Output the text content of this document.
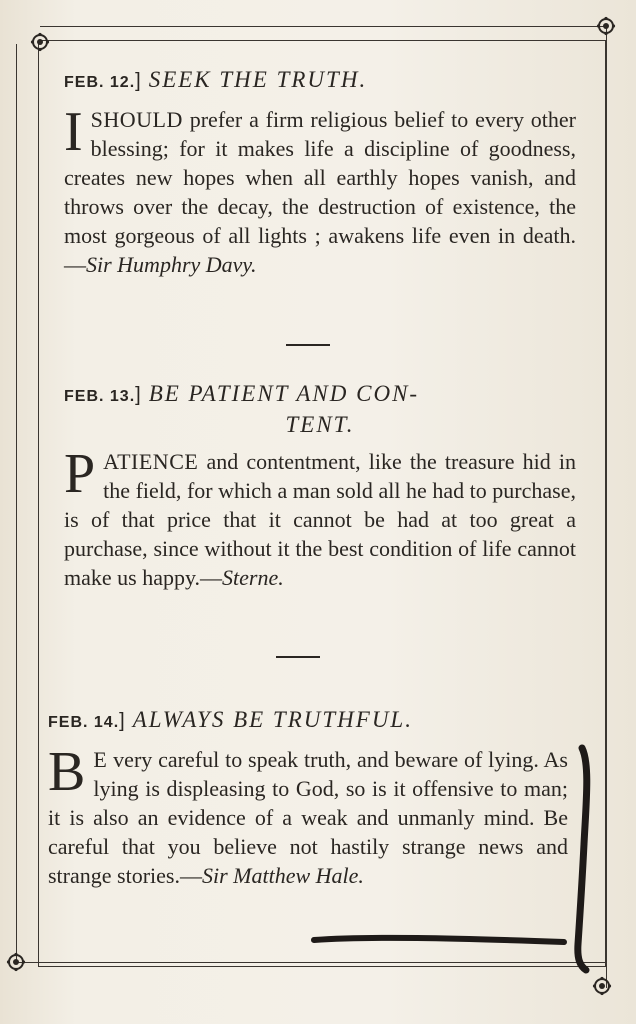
FEB. 12.] SEEK THE TRUTH.
ISHOULD prefer a firm religious belief to every other blessing; for it makes life a discipline of goodness, creates new hopes when all earthly hopes vanish, and throws over the decay, the destruction of existence, the most gorgeous of all lights ; awakens life even in death.—Sir Humphry Davy.
FEB. 13.] BE PATIENT AND CON-
TENT.
PATIENCE and contentment, like the treasure hid in the field, for which a man sold all he had to purchase, is of that price that it cannot be had at too great a purchase, since without it the best condition of life cannot make us happy.—Sterne.
FEB. 14.] ALWAYS BE TRUTHFUL.
B E very careful to speak truth, and beware of lying. As lying is displeasing to God, so is it offensive to man; it is also an evidence of a weak and unmanly mind. Be careful that you believe not hastily strange news and strange stories.—Sir Matthew Hale.
